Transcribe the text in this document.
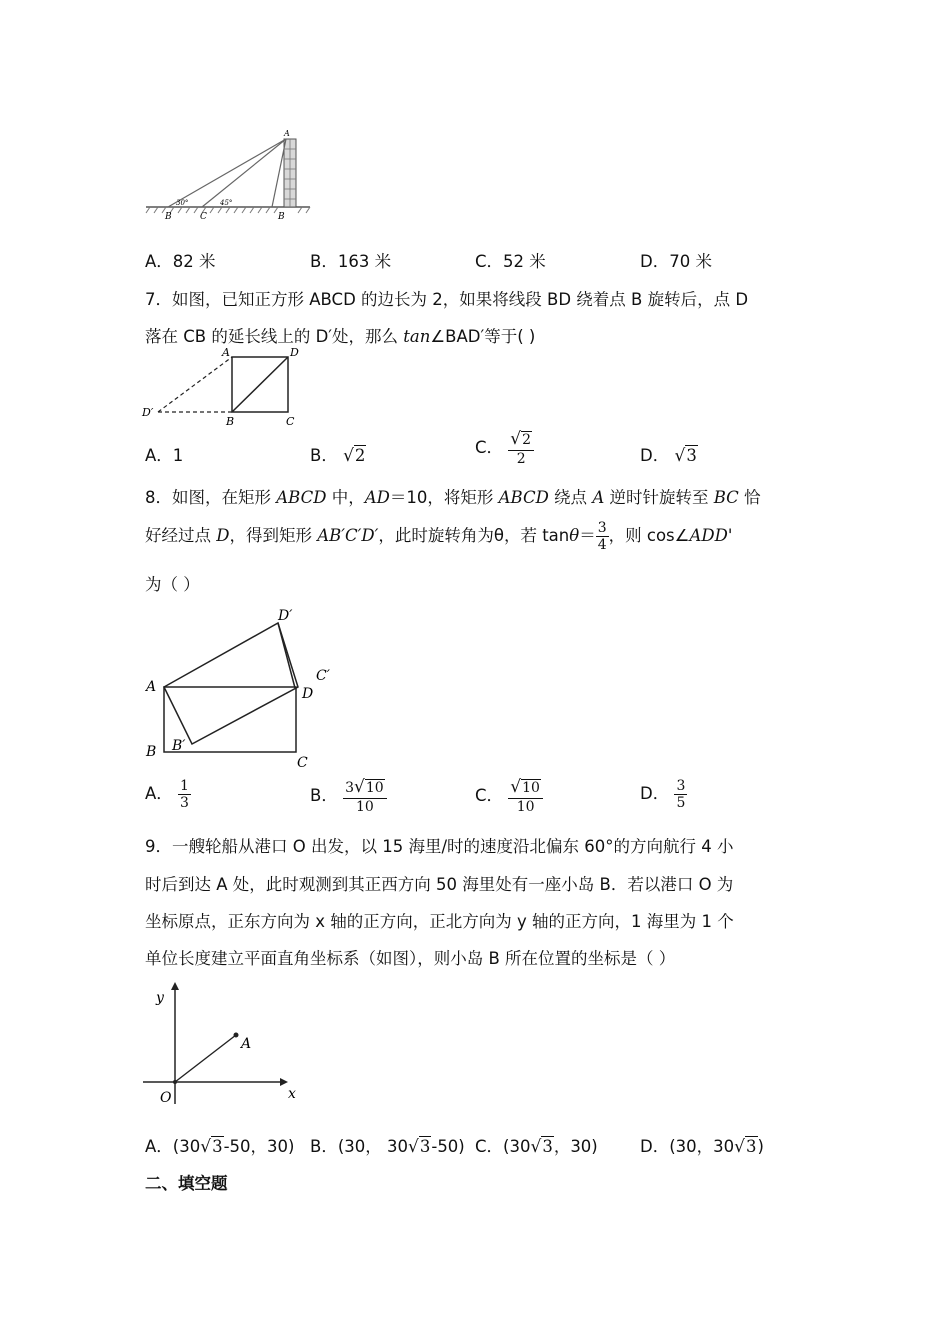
A
B	C	B
30°	45°
A．82 米	B．163 米	C．52 米	D．70 米
7．如图，已知正方形 ABCD 的边长为 2，如果将线段 BD 绕着点 B 旋转后，点 D
落在 CB 的延长线上的 D′处，那么 tan∠BAD′等于( )
A	D
B	C
D′
A．1	B． √2	C． $\frac{√2}{2}$	D． √3
8．如图，在矩形 ABCD 中，AD＝10，将矩形 ABCD 绕点 A 逆时针旋转至 BC 恰
好经过点 D，得到矩形 AB′C′D′，此时旋转角为θ，若 $\tan\theta= \frac{3}{4}$ ，则 cos∠ADD'
为（ ）
A
B
C
D
B′
C′
D′
A． $\frac{1}{3}$	B． $\frac{3√10}{10}$	C． $\frac{√10}{10}$	D． $\frac{3}{5}$
9．一艘轮船从港口 O 出发，以 15 海里/时的速度沿北偏东 60°的方向航行 4 小
时后到达 A 处，此时观测到其正西方向 50 海里处有一座小岛 B．若以港口 O 为
坐标原点，正东方向为 x 轴的正方向，正北方向为 y 轴的正方向，1 海里为 1 个
单位长度建立平面直角坐标系（如图），则小岛 B 所在位置的坐标是（ ）
y
x
O
A
A．(30√3-50，30) B．(30， 30√3-50) C．(30√3，30)	D．(30，30√3)
二、填空题
